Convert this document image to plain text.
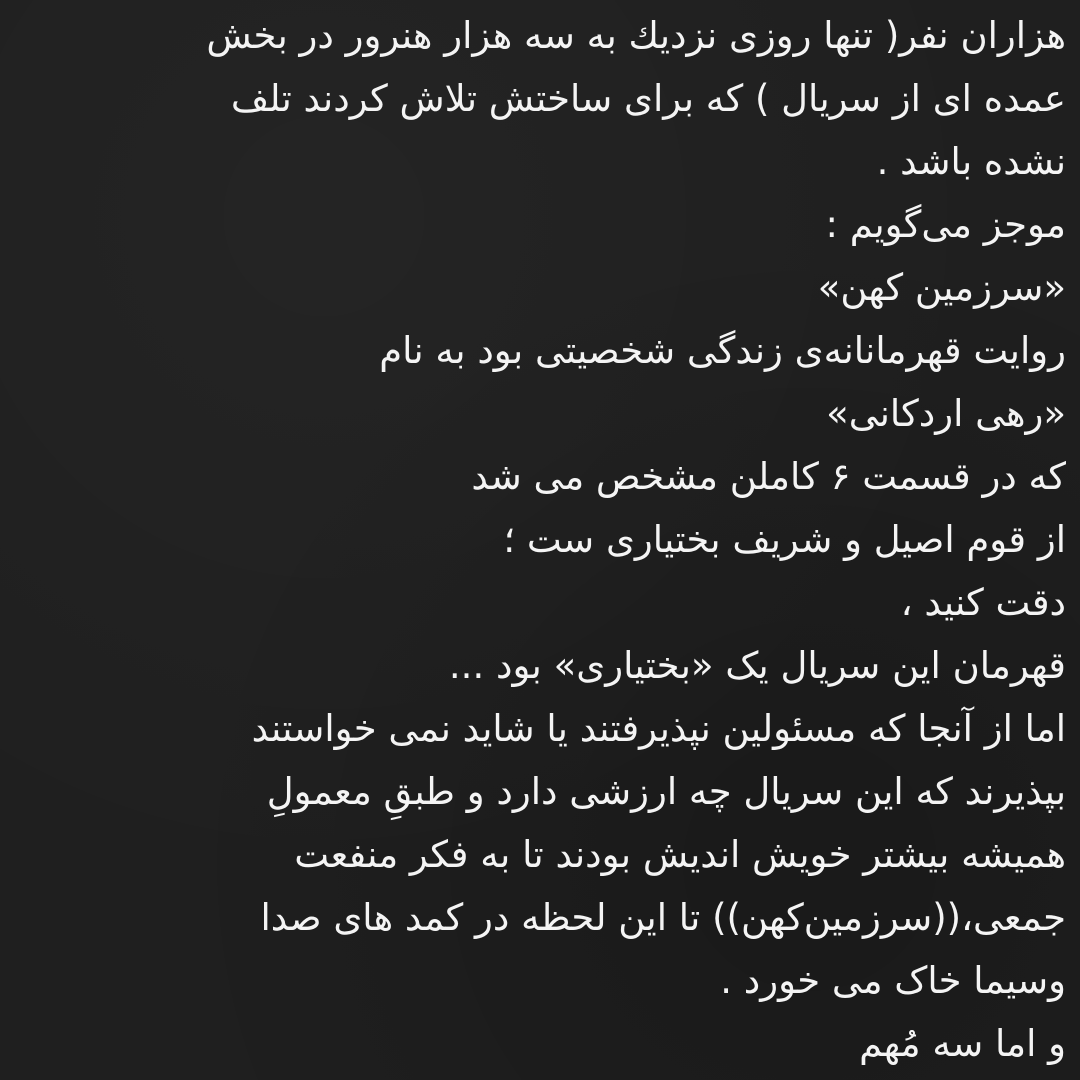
هزاران نفر( تنها روزی نزدیك به سه هزار هنرور در بخش
عمده ای از سریال ) که برای ساختش تلاش کردند تلف
نشده باشد .
موجز می‌گویم :
«سرزمین کهن»
روایت قهرمانانه‌ی زندگی شخصیتی بود به نام
«رهی اردکانی»
که در قسمت ۶ کاملن مشخص می شد
از قوم اصیل و شریف بختیاری ست ؛
دقت کنید ،
قهرمان این سریال یک «بختیاری» بود ...
اما از آنجا که مسئولین نپذیرفتند یا شاید نمی خواستند
بپذیرند که این سریال چه ارزشی دارد و طبقِ معمولِ
همیشه بیشتر خویش اندیش بودند تا به فکر منفعت
جمعی،((سرزمین‌کهن)) تا این لحظه در کمد های صدا
وسیما خاک می خورد .
و اما سه مُهم
